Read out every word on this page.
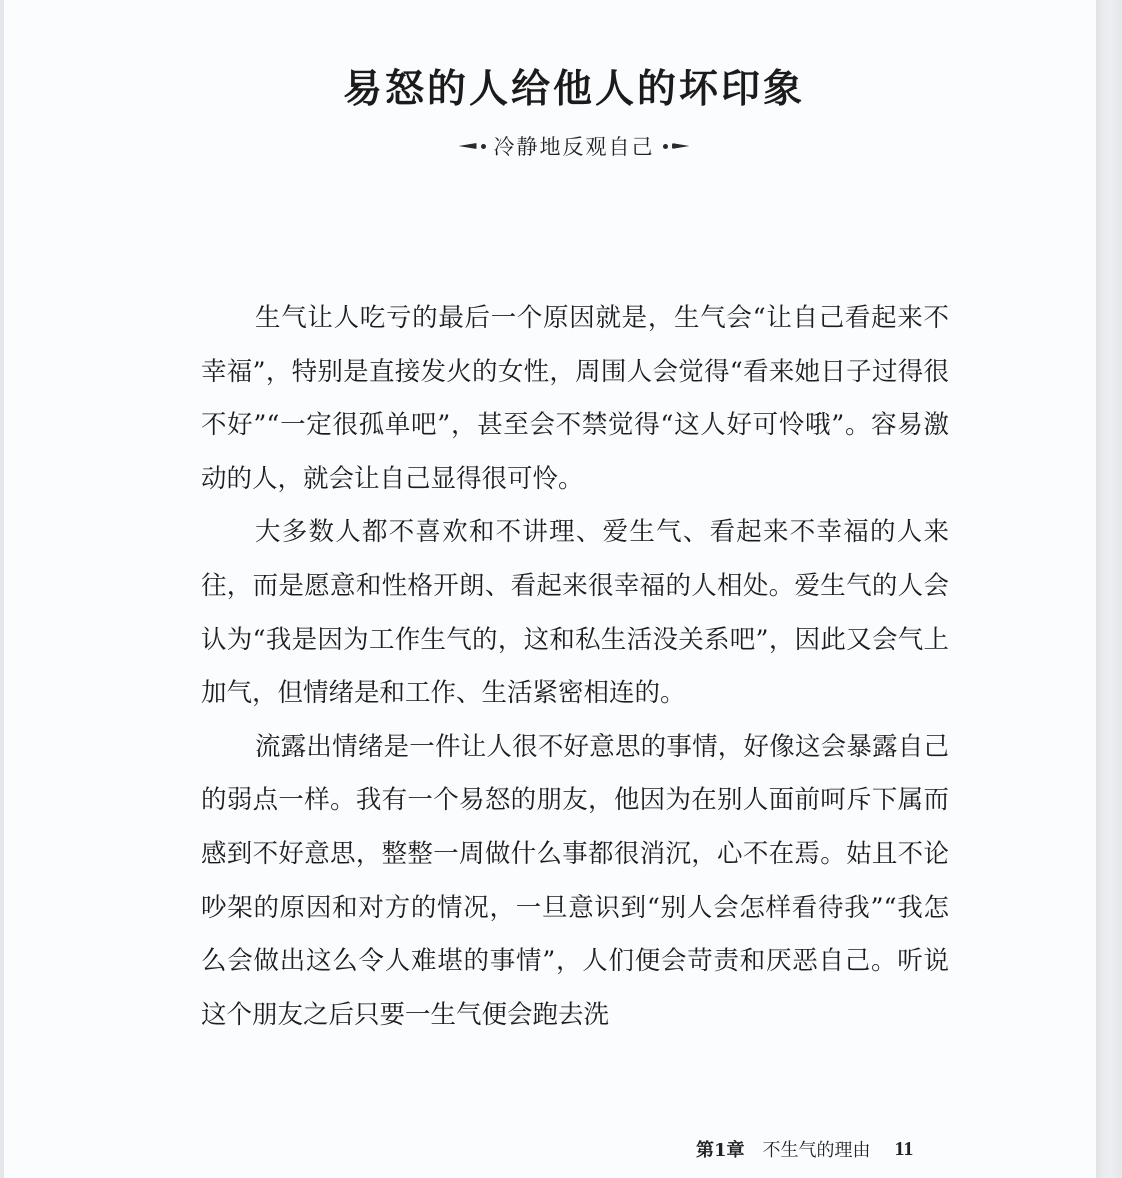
易怒的人给他人的坏印象
冷静地反观自己

生气让人吃亏的最后一个原因就是，生气会“让自己看起来不幸福”，特别是直接发火的女性，周围人会觉得“看来她日子过得很不好”“一定很孤单吧”，甚至会不禁觉得“这人好可怜哦”。容易激动的人，就会让自己显得很可怜。

大多数人都不喜欢和不讲理、爱生气、看起来不幸福的人来往，而是愿意和性格开朗、看起来很幸福的人相处。爱生气的人会认为“我是因为工作生气的，这和私生活没关系吧”，因此又会气上加气，但情绪是和工作、生活紧密相连的。

流露出情绪是一件让人很不好意思的事情，好像这会暴露自己的弱点一样。我有一个易怒的朋友，他因为在别人面前呵斥下属而感到不好意思，整整一周做什么事都很消沉，心不在焉。姑且不论吵架的原因和对方的情况，一旦意识到“别人会怎样看待我”“我怎么会做出这么令人难堪的事情”，人们便会苛责和厌恶自己。听说这个朋友之后只要一生气便会跑去洗

第1章 不生气的理由 11
